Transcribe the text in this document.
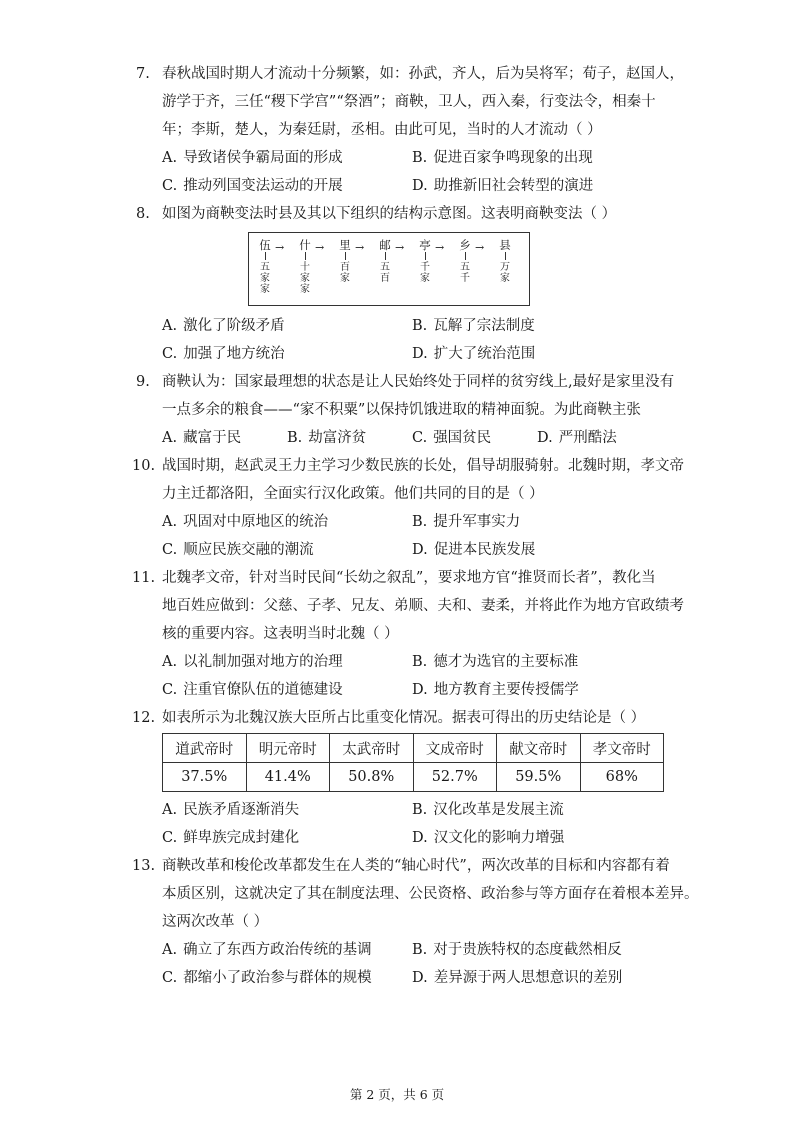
7. 春秋战国时期人才流动十分频繁，如：孙武，齐人，后为吴将军；荀子，赵国人，
游学于齐，三任“稷下学宫”“祭酒”；商鞅，卫人，西入秦，行变法令，相秦十
年；李斯，楚人，为秦廷尉，丞相。由此可见，当时的人才流动（ ）
A. 导致诸侯争霸局面的形成	B. 促进百家争鸣现象的出现
C. 推动列国变法运动的开展	D. 助推新旧社会转型的演进
8. 如图为商鞅变法时县及其以下组织的结构示意图。这表明商鞅变法（ ）
伍
五
家
家
→	什
十
家
家
→	里
百
家
→	邮
五
百
→	亭
千
家
→	乡
五
千
→	县
万
家
A. 激化了阶级矛盾	B. 瓦解了宗法制度
C. 加强了地方统治	D. 扩大了统治范围
9. 商鞅认为：国家最理想的状态是让人民始终处于同样的贫穷线上,最好是家里没有
一点多余的粮食——“家不积粟”以保持饥饿进取的精神面貌。为此商鞅主张
A. 藏富于民	B. 劫富济贫	C. 强国贫民	D. 严刑酷法
10. 战国时期，赵武灵王力主学习少数民族的长处，倡导胡服骑射。北魏时期，孝文帝
力主迁都洛阳，全面实行汉化政策。他们共同的目的是（ ）
A. 巩固对中原地区的统治	B. 提升军事实力
C. 顺应民族交融的潮流	D. 促进本民族发展
11. 北魏孝文帝，针对当时民间“长幼之叙乱”，要求地方官“推贤而长者”，教化当
地百姓应做到：父慈、子孝、兄友、弟顺、夫和、妻柔，并将此作为地方官政绩考
核的重要内容。这表明当时北魏（ ）
A. 以礼制加强对地方的治理	B. 德才为选官的主要标准
C. 注重官僚队伍的道德建设	D. 地方教育主要传授儒学
12. 如表所示为北魏汉族大臣所占比重变化情况。据表可得出的历史结论是（ ）
道武帝时	明元帝时	太武帝时	文成帝时	献文帝时	孝文帝时
37.5%	41.4%	50.8%	52.7%	59.5%	68%
A. 民族矛盾逐渐消失	B. 汉化改革是发展主流
C. 鲜卑族完成封建化	D. 汉文化的影响力增强
13. 商鞅改革和梭伦改革都发生在人类的“轴心时代”，两次改革的目标和内容都有着
本质区别，这就决定了其在制度法理、公民资格、政治参与等方面存在着根本差异。
这两次改革（ ）
A. 确立了东西方政治传统的基调	B. 对于贵族特权的态度截然相反
C. 都缩小了政治参与群体的规模	D. 差异源于两人思想意识的差别
第 2 页，共 6 页
